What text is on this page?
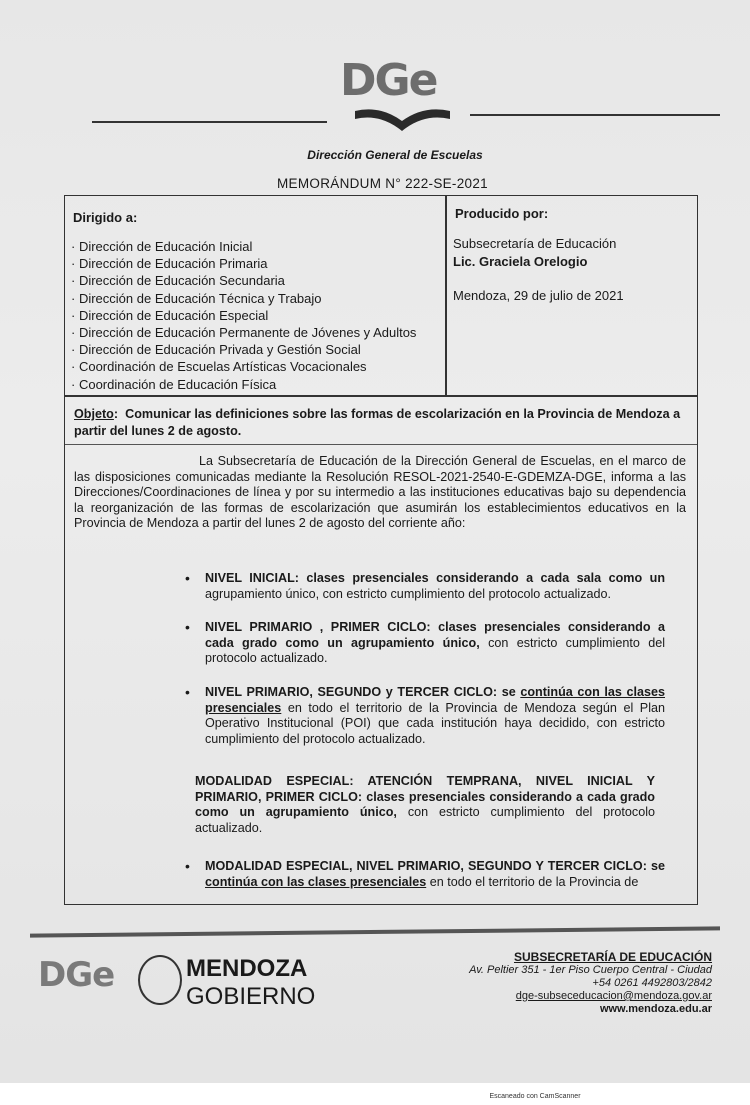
DGe
Dirección General de Escuelas
MEMORÁNDUM N° 222-SE-2021
Dirigido a:
· Dirección de Educación Inicial
· Dirección de Educación Primaria
· Dirección de Educación Secundaria
· Dirección de Educación Técnica y Trabajo
· Dirección de Educación Especial
· Dirección de Educación Permanente de Jóvenes y Adultos
· Dirección de Educación Privada y Gestión Social
· Coordinación de Escuelas Artísticas Vocacionales
· Coordinación de Educación Física
Producido por:
Subsecretaría de Educación
Lic. Graciela Orelogio
Mendoza, 29 de julio de 2021
Objeto:  Comunicar las definiciones sobre las formas de escolarización en la Provincia de Mendoza a partir del lunes 2 de agosto.
La Subsecretaría de Educación de la Dirección General de Escuelas, en el marco de las disposiciones comunicadas mediante la Resolución RESOL-2021-2540-E-GDEMZA-DGE, informa a las Direcciones/Coordinaciones de línea y por su intermedio a las instituciones educativas bajo su dependencia la reorganización de las formas de escolarización que asumirán los establecimientos educativos en la Provincia de Mendoza a partir del lunes 2 de agosto del corriente año:
• NIVEL INICIAL: clases presenciales considerando a cada sala como un agrupamiento único, con estricto cumplimiento del protocolo actualizado.
• NIVEL PRIMARIO , PRIMER CICLO: clases presenciales considerando a cada grado como un agrupamiento único, con estricto cumplimiento del protocolo actualizado.
• NIVEL PRIMARIO, SEGUNDO y TERCER CICLO: se continúa con las clases presenciales en todo el territorio de la Provincia de Mendoza según el Plan Operativo Institucional (POI) que cada institución haya decidido, con estricto cumplimiento del protocolo actualizado.
MODALIDAD ESPECIAL: ATENCIÓN TEMPRANA, NIVEL INICIAL Y PRIMARIO, PRIMER CICLO: clases presenciales considerando a cada grado como un agrupamiento único, con estricto cumplimiento del protocolo actualizado.
• MODALIDAD ESPECIAL, NIVEL PRIMARIO, SEGUNDO Y TERCER CICLO: se continúa con las clases presenciales en todo el territorio de la Provincia de
DGe	MENDOZA
GOBIERNO
SUBSECRETARÍA DE EDUCACIÓN
Av. Peltier 351 - 1er Piso Cuerpo Central - Ciudad
+54 0261 4492803/2842
dge-subseceducacion@mendoza.gov.ar
www.mendoza.edu.ar
Escaneado con CamScanner
